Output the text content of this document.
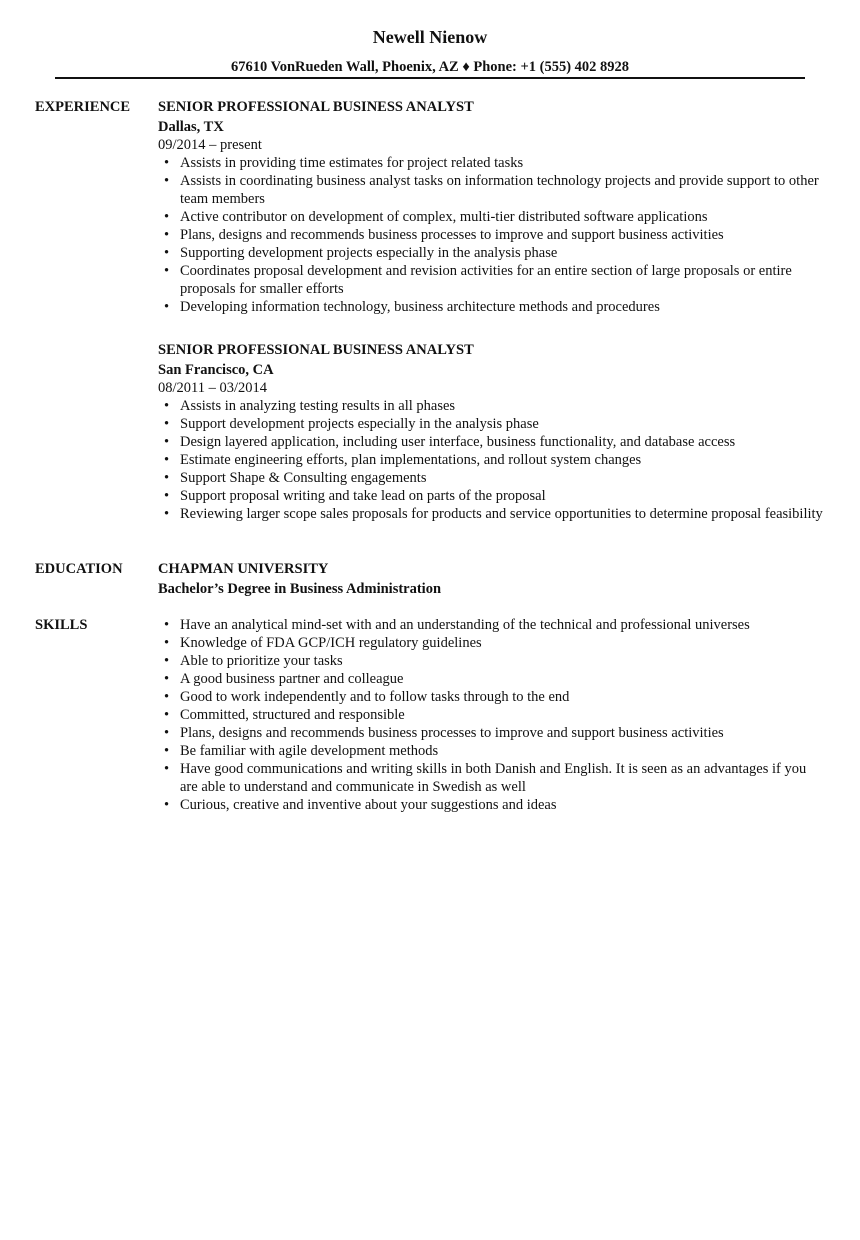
Newell Nienow
67610 VonRueden Wall, Phoenix, AZ ♦ Phone: +1 (555) 402 8928
EXPERIENCE SENIOR PROFESSIONAL BUSINESS ANALYST
Dallas, TX
09/2014 – present
• Assists in providing time estimates for project related tasks
• Assists in coordinating business analyst tasks on information technology projects and provide support to other team members
• Active contributor on development of complex, multi-tier distributed software applications
• Plans, designs and recommends business processes to improve and support business activities
• Supporting development projects especially in the analysis phase
• Coordinates proposal development and revision activities for an entire section of large proposals or entire proposals for smaller efforts
• Developing information technology, business architecture methods and procedures
SENIOR PROFESSIONAL BUSINESS ANALYST
San Francisco, CA
08/2011 – 03/2014
• Assists in analyzing testing results in all phases
• Support development projects especially in the analysis phase
• Design layered application, including user interface, business functionality, and database access
• Estimate engineering efforts, plan implementations, and rollout system changes
• Support Shape & Consulting engagements
• Support proposal writing and take lead on parts of the proposal
• Reviewing larger scope sales proposals for products and service opportunities to determine proposal feasibility
EDUCATION CHAPMAN UNIVERSITY
Bachelor’s Degree in Business Administration
SKILLS	• Have an analytical mind-set with and an understanding of the technical and professional universes
• Knowledge of FDA GCP/ICH regulatory guidelines
• Able to prioritize your tasks
• A good business partner and colleague
• Good to work independently and to follow tasks through to the end
• Committed, structured and responsible
• Plans, designs and recommends business processes to improve and support business activities
• Be familiar with agile development methods
• Have good communications and writing skills in both Danish and English. It is seen as an advantages if you are able to understand and communicate in Swedish as well
• Curious, creative and inventive about your suggestions and ideas
